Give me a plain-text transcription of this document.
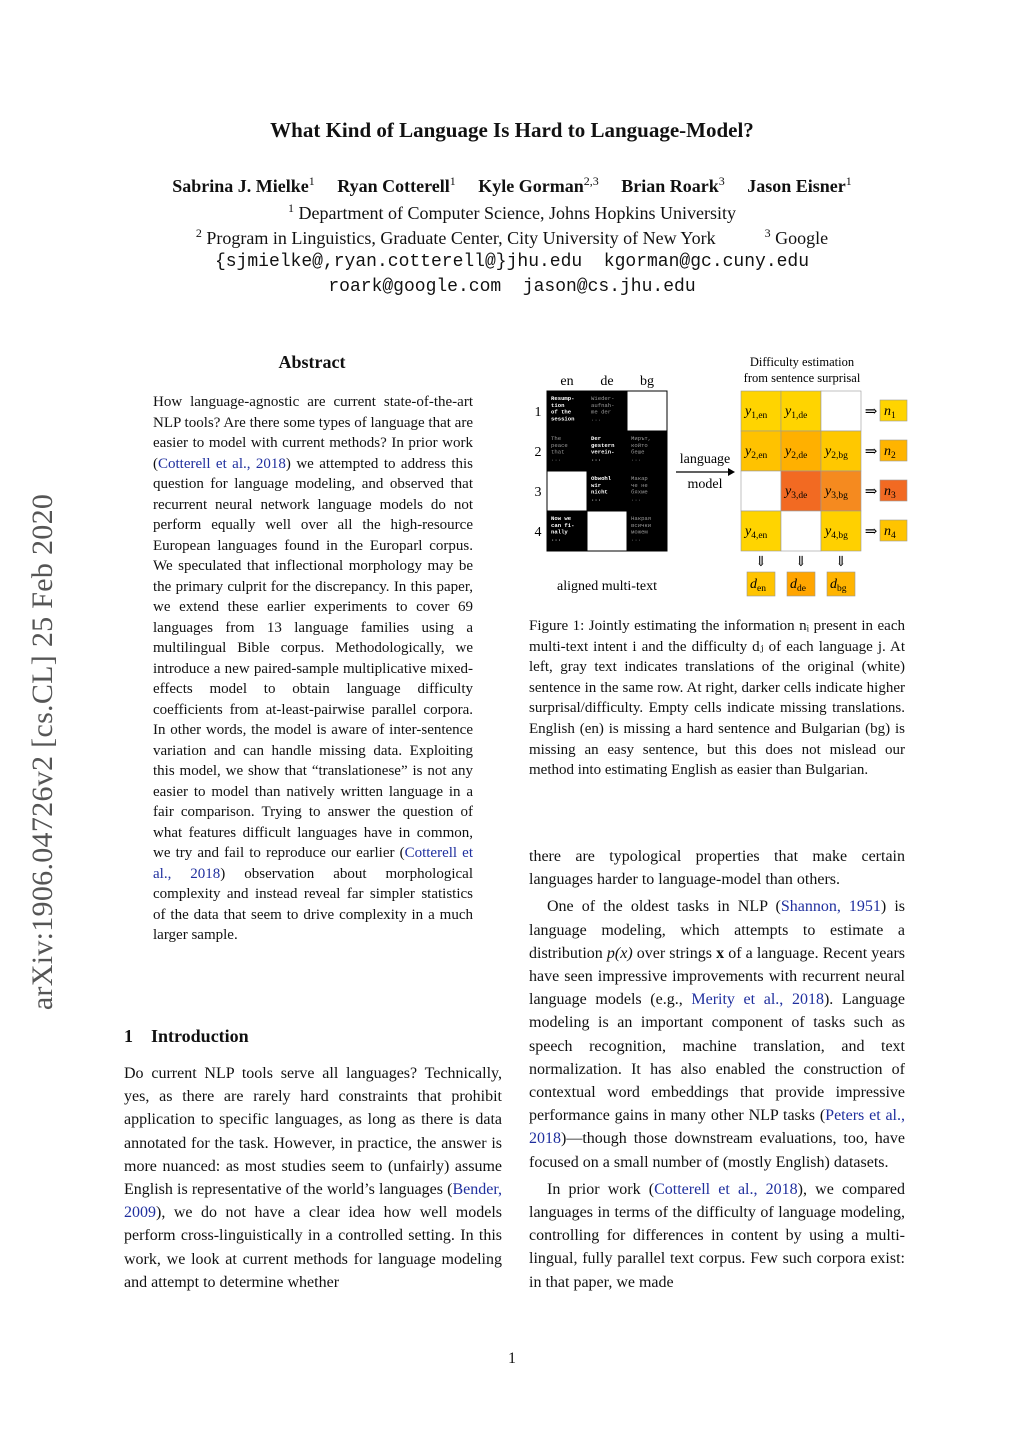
arXiv:1906.04726v2 [cs.CL] 25 Feb 2020
What Kind of Language Is Hard to Language-Model?
Sabrina J. Mielke$^1$ Ryan Cotterell$^1$ Kyle Gorman$^{2,3}$ Brian Roark$^3$ Jason Eisner$^1$
$^1$ Department of Computer Science, Johns Hopkins University
$^2$ Program in Linguistics, Graduate Center, City University of New York	$^3$ Google
{sjmielke@,ryan.cotterell@}jhu.edu  kgorman@gc.cuny.edu
roark@google.com  jason@cs.jhu.edu
Abstract
How language-agnostic are current state-of-the-art NLP tools? Are there some types of language that are easier to model with current methods? In prior work (Cotterell et al., 2018) we attempted to address this question for language modeling, and observed that recurrent neural network language models do not perform equally well over all the high-resource European languages found in the Europarl corpus. We speculated that inflectional morphology may be the primary culprit for the discrepancy. In this paper, we extend these earlier experiments to cover 69 languages from 13 language families using a multilingual Bible corpus. Methodologically, we introduce a new paired-sample multiplicative mixed-effects model to obtain language difficulty coefficients from at-least-pairwise parallel corpora. In other words, the model is aware of inter-sentence variation and can handle missing data. Exploiting this model, we show that “translationese” is not any easier to model than natively written language in a fair comparison. Trying to answer the question of what features difficult languages have in common, we try and fail to reproduce our earlier (Cotterell et al., 2018) observation about morphological complexity and instead reveal far simpler statistics of the data that seem to drive complexity in a much larger sample.
1 Introduction
Do current NLP tools serve all languages? Technically, yes, as there are rarely hard constraints that prohibit application to specific languages, as long as there is data annotated for the task. However, in practice, the answer is more nuanced: as most studies seem to (unfairly) assume English is representative of the world’s languages (Bender, 2009), we do not have a clear idea how well models perform cross-linguistically in a controlled setting. In this work, we look at current methods for language modeling and attempt to determine whether
en de bg
1
2
3
4
Resump-tion of the session
Wieder-aufnah-me der ...
The peace that ...
Der gestern verein-...
Мирът, който беше ...
Obwohl wir nicht ...
Макар че не бяхме ...
Now we can fi-nally ...
Накрая всички можем ...
aligned multi-text
language
model
Difficulty estimation
from sentence surprisal
$y_{1,en}$ $y_{1,de}$
$y_{2,en}$ $y_{2,de}$ $y_{2,bg}$
$y_{3,de}$ $y_{3,bg}$
$y_{4,en}$	$y_{4,bg}$
⇒ $n_1$
⇒ $n_2$
⇒ $n_3$
⇒ $n_4$
⇓
$d_{en}$
⇓
$d_{de}$
⇓
$d_{bg}$
Figure 1: Jointly estimating the information nᵢ present in each multi-text intent i and the difficulty dⱼ of each language j. At left, gray text indicates translations of the original (white) sentence in the same row. At right, darker cells indicate higher surprisal/difficulty. Empty cells indicate missing translations. English (en) is missing a hard sentence and Bulgarian (bg) is missing an easy sentence, but this does not mislead our method into estimating English as easier than Bulgarian.
there are typological properties that make certain languages harder to language-model than others.
One of the oldest tasks in NLP (Shannon, 1951) is language modeling, which attempts to estimate a distribution p(x) over strings x of a language. Recent years have seen impressive improvements with recurrent neural language models (e.g., Merity et al., 2018). Language modeling is an important component of tasks such as speech recognition, machine translation, and text normalization. It has also enabled the construction of contextual word embeddings that provide impressive performance gains in many other NLP tasks (Peters et al., 2018)—though those downstream evaluations, too, have focused on a small number of (mostly English) datasets.
In prior work (Cotterell et al., 2018), we compared languages in terms of the difficulty of language modeling, controlling for differences in content by using a multi-lingual, fully parallel text corpus. Few such corpora exist: in that paper, we made
1
